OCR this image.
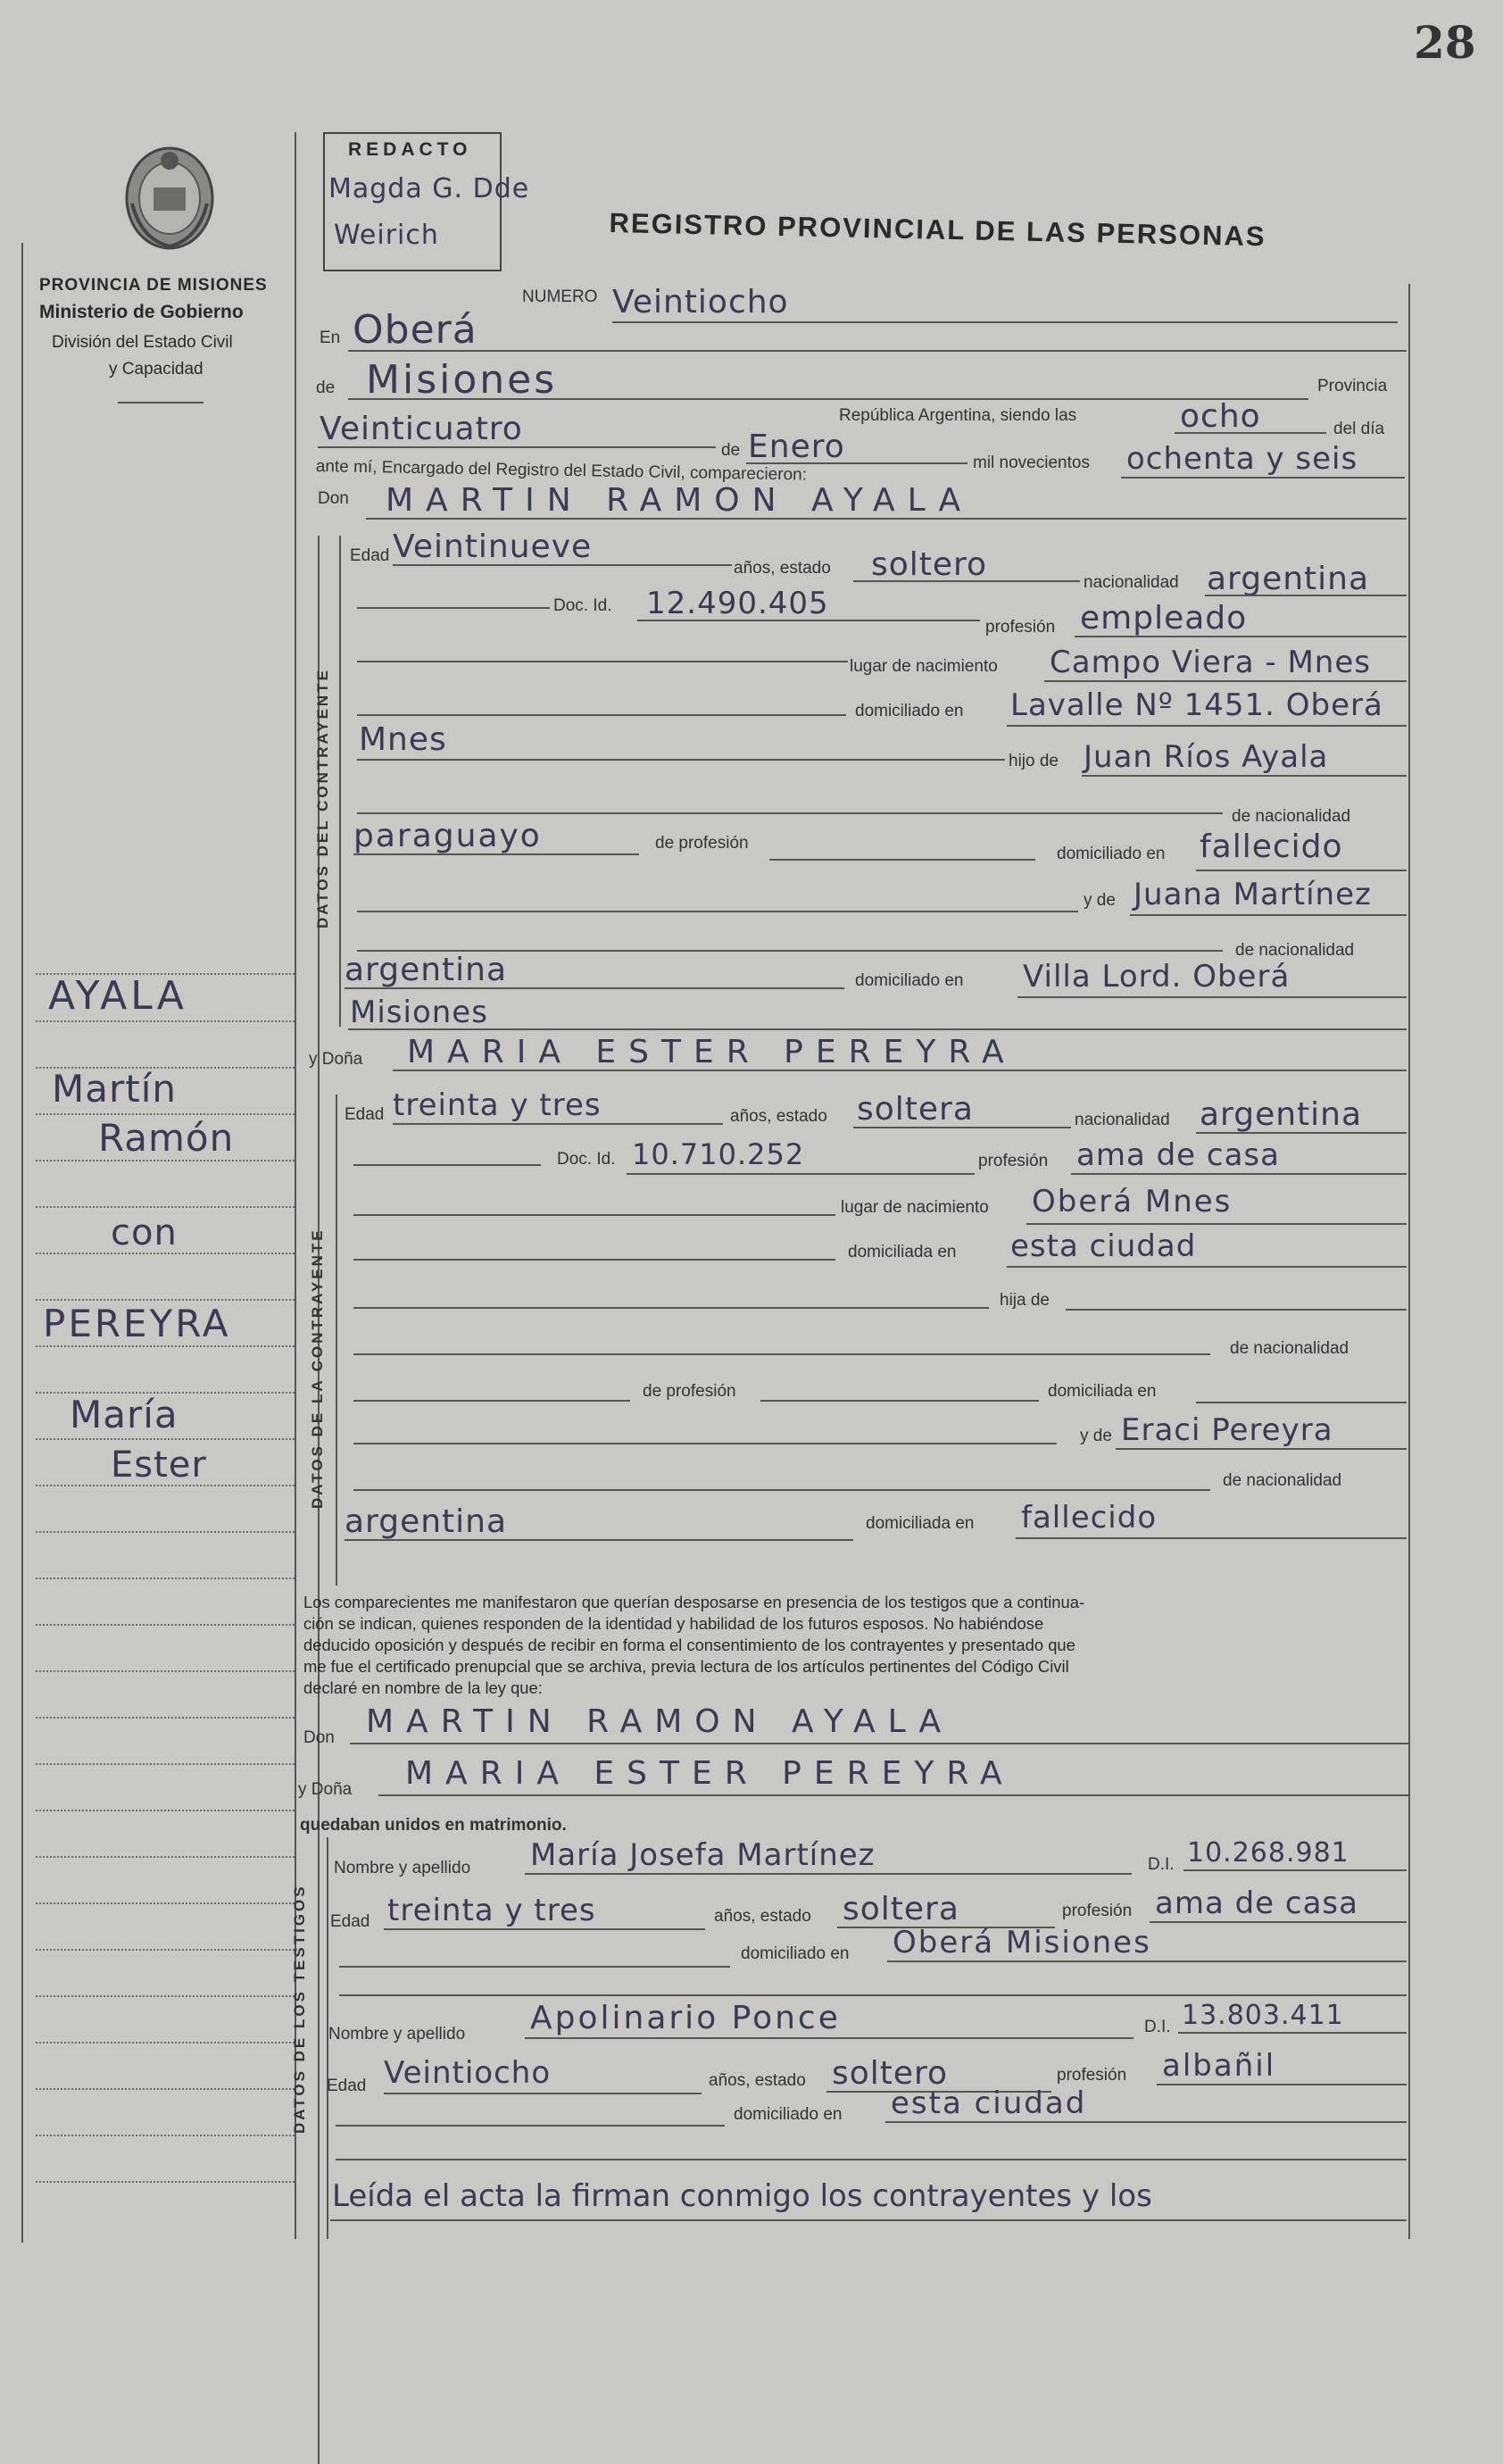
28
PROVINCIA DE MISIONES
Ministerio de Gobierno
División del Estado Civil
y Capacidad
REDACTO
Magda G. Dde
Weirich	REGISTRO PROVINCIAL DE LAS PERSONAS
AYALA
Martín
Ramón
con
PEREYRA
María
Ester
NUMERO Veintiocho
En Oberá
de Misiones	Provincia
República Argentina, siendo las	ocho	del día
Veinticuatro
de Enero	mil novecientos ochenta y seis
ante mí, Encargado del Registro del Estado Civil, comparecieron:
Don MARTIN RAMON AYALA
DATOS DEL CONTRAYENTE
Edad Veintinueve
años, estado soltero	nacionalidad argentina
Doc. Id. 12.490.405
profesión empleado
lugar de nacimiento Campo Viera - Mnes
domiciliado en Lavalle Nº 1451. Oberá
Mnes
hijo de Juan Ríos Ayala
de nacionalidad
paraguayo	de profesión
domiciliado en fallecido
y de Juana Martínez
de nacionalidad
argentina	domiciliado en Villa Lord. Oberá
Misiones
y Doña MARIA ESTER PEREYRA
DATOS DE LA CONTRAYENTE
Edad treinta y tres	años, estado soltera	nacionalidad argentina
Doc. Id. 10.710.252	profesión ama de casa
lugar de nacimiento Oberá Mnes
domiciliada en esta ciudad
hija de
de nacionalidad
de profesión	domiciliada en
y de Eraci Pereyra
de nacionalidad
argentina	domiciliada en fallecido
Los comparecientes me manifestaron que querían desposarse en presencia de los testigos que a continua-
ción se indican, quienes responden de la identidad y habilidad de los futuros esposos. No habiéndose
deducido oposición y después de recibir en forma el consentimiento de los contrayentes y presentado que
me fue el certificado prenupcial que se archiva, previa lectura de los artículos pertinentes del Código Civil
declaré en nombre de la ley que:
Don MARTIN RAMON AYALA
y Doña MARIA ESTER PEREYRA
quedaban unidos en matrimonio.
DATOS DE LOS TESTIGOS
Nombre y apellido María Josefa Martínez	D.I. 10.268.981
Edad treinta y tres	años, estado soltera	profesión ama de casa
domiciliado en Oberá Misiones
Nombre y apellido Apolinario Ponce	D.I. 13.803.411
Edad Veintiocho	años, estado soltero	profesión albañil
domiciliado en esta ciudad
Leída el acta la firman conmigo los contrayentes y los
